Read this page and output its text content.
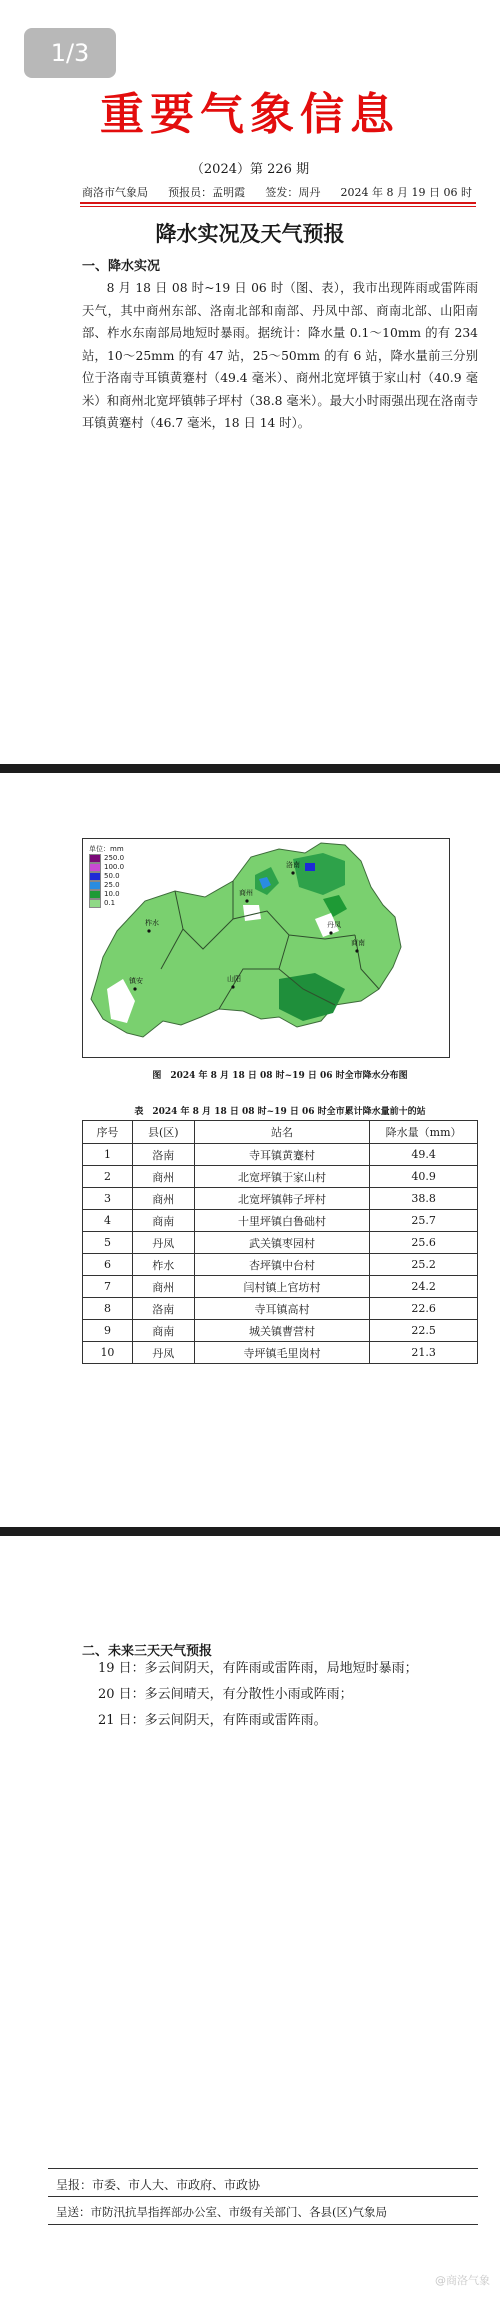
1/3
重要气象信息
（2024）第 226 期
商洛市气象局 预报员：孟明霞 签发：周丹 2024 年 8 月 19 日 06 时
降水实况及天气预报
一、降水实况
8 月 18 日 08 时~19 日 06 时（图、表），我市出现阵雨或雷阵雨天气，其中商州东部、洛南北部和南部、丹凤中部、商南北部、山阳南部、柞水东南部局地短时暴雨。据统计：降水量 0.1～10mm 的有 234 站，10～25mm 的有 47 站，25～50mm 的有 6 站，降水量前三分别位于洛南寺耳镇黄蹇村（49.4 毫米）、商州北宽坪镇于家山村（40.9 毫米）和商州北宽坪镇韩子坪村（38.8 毫米）。最大小时雨强出现在洛南寺耳镇黄蹇村（46.7 毫米，18 日 14 时）。
洛南
商州
柞水
镇安	山阳
丹凤
商南
单位：mm
250.0
100.0
50.0
25.0
10.0
0.1
图　2024 年 8 月 18 日 08 时~19 日 06 时全市降水分布图
表　2024 年 8 月 18 日 08 时~19 日 06 时全市累计降水量前十的站
序号	县(区)	站名	降水量（mm）
1	洛南	寺耳镇黄蹇村	49.4
2	商州	北宽坪镇于家山村	40.9
3	商州	北宽坪镇韩子坪村	38.8
4	商南	十里坪镇白鲁础村	25.7
5	丹凤	武关镇枣园村	25.6
6	柞水	杏坪镇中台村	25.2
7	商州	闫村镇上官坊村	24.2
8	洛南	寺耳镇高村	22.6
9	商南	城关镇曹营村	22.5
10	丹凤	寺坪镇毛里岗村	21.3
二、未来三天天气预报
19 日：多云间阴天，有阵雨或雷阵雨，局地短时暴雨；
20 日：多云间晴天，有分散性小雨或阵雨；
21 日：多云间阴天，有阵雨或雷阵雨。
呈报：市委、市人大、市政府、市政协
呈送：市防汛抗旱指挥部办公室、市级有关部门、各县(区)气象局
@商洛气象
